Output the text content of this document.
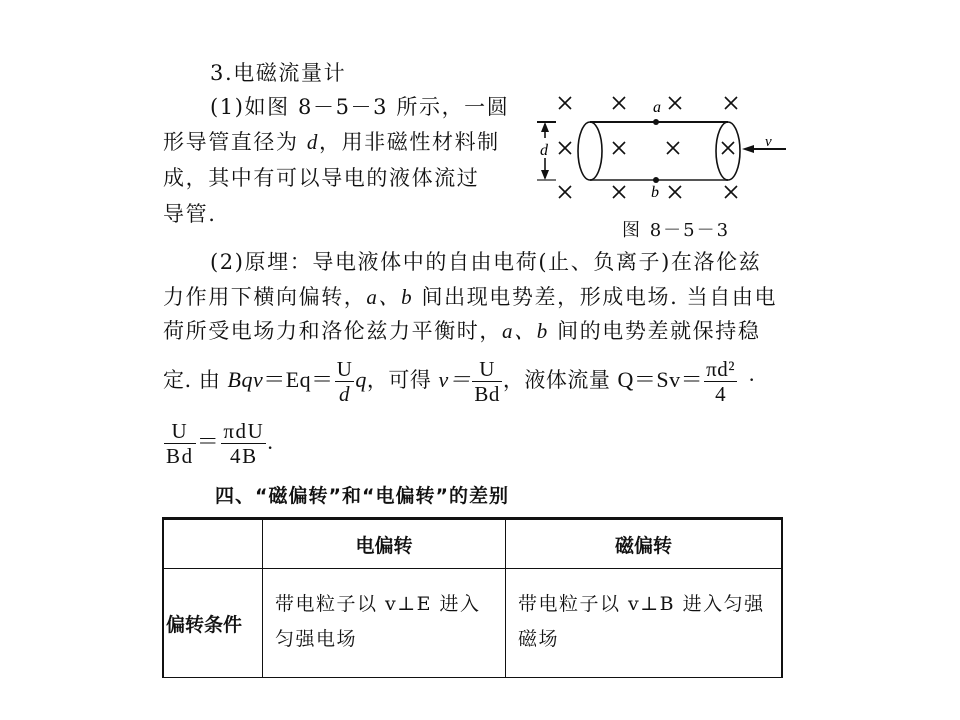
3.电磁流量计
(1)如图 8－5－3 所示，一圆
形导管直径为 d，用非磁性材料制
成，其中有可以导电的液体流过
导管.
a
b
d	v
图 8－5－3
(2)原埋：导电液体中的自由电荷(止、负离子)在洛伦兹
力作用下横向偏转，a、b 间出现电势差，形成电场. 当自由电
荷所受电场力和洛伦兹力平衡时，a、b 间的电势差就保持稳
定. 由 $Bqv=Eq= \frac{U}{d}$ q，可得 $v= \frac{U}{Bd}$ ，液体流量 $Q=Sv= \frac{\text{πd²}}{4}$ ·
$\frac{U}{Bd} = \frac{\text{πdU}}{4B}$ .
四、“磁偏转”和“电偏转”的差别
	电偏转	磁偏转
偏转条件	带电粒子以 v⊥E 进入匀强电场	带电粒子以 v⊥B 进入匀强磁场
